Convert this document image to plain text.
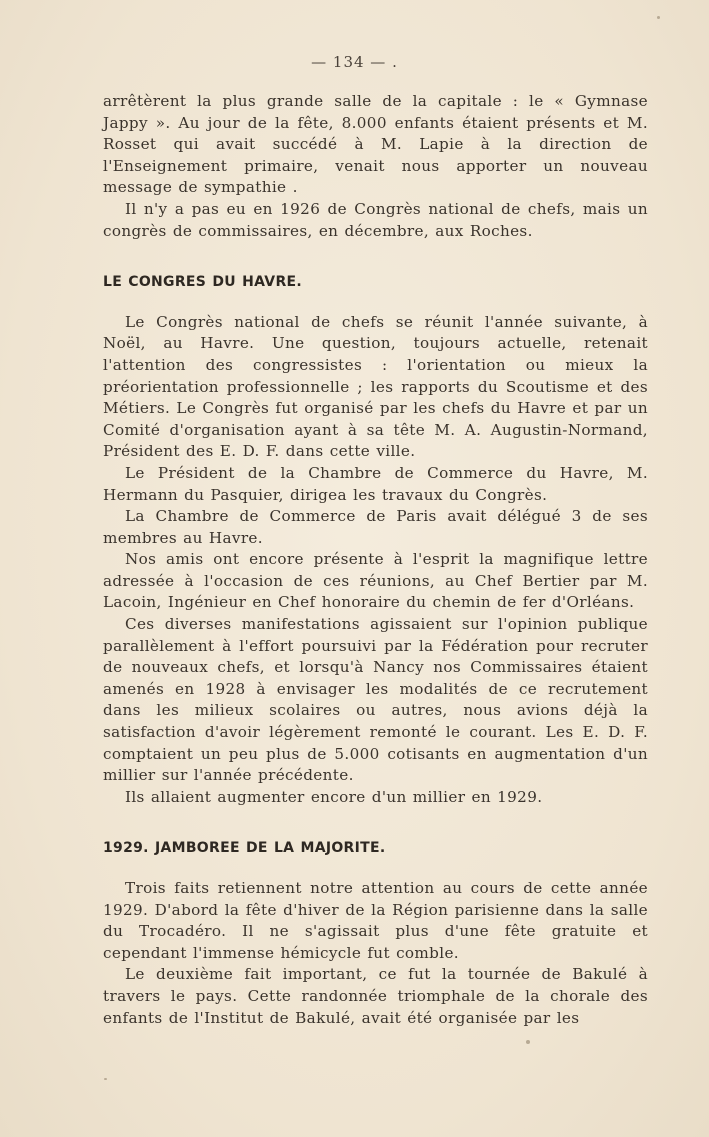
— 134 — .

arrêtèrent la plus grande salle de la capitale : le « Gymnase Jappy ». Au jour de la fête, 8.000 enfants étaient présents et M. Rosset qui avait succédé à M. Lapie à la direction de l'Enseignement primaire, venait nous apporter un nouveau message de sympathie .

Il n'y a pas eu en 1926 de Congrès national de chefs, mais un congrès de commissaires, en décembre, aux Roches.

LE CONGRES DU HAVRE.

Le Congrès national de chefs se réunit l'année suivante, à Noël, au Havre. Une question, toujours actuelle, retenait l'attention des congressistes : l'orientation ou mieux la préorientation professionnelle ; les rapports du Scoutisme et des Métiers. Le Congrès fut organisé par les chefs du Havre et par un Comité d'organisation ayant à sa tête M. A. Augustin-Normand, Président des E. D. F. dans cette ville.

Le Président de la Chambre de Commerce du Havre, M. Hermann du Pasquier, dirigea les travaux du Congrès.

La Chambre de Commerce de Paris avait délégué 3 de ses membres au Havre.

Nos amis ont encore présente à l'esprit la magnifique lettre adressée à l'occasion de ces réunions, au Chef Bertier par M. Lacoin, Ingénieur en Chef honoraire du chemin de fer d'Orléans.

Ces diverses manifestations agissaient sur l'opinion publique parallèlement à l'effort poursuivi par la Fédération pour recruter de nouveaux chefs, et lorsqu'à Nancy nos Commissaires étaient amenés en 1928 à envisager les modalités de ce recrutement dans les milieux scolaires ou autres, nous avions déjà la satisfaction d'avoir légèrement remonté le courant. Les E. D. F. comptaient un peu plus de 5.000 cotisants en augmentation d'un millier sur l'année précédente.

Ils allaient augmenter encore d'un millier en 1929.

1929. JAMBOREE DE LA MAJORITE.

Trois faits retiennent notre attention au cours de cette année 1929. D'abord la fête d'hiver de la Région parisienne dans la salle du Trocadéro. Il ne s'agissait plus d'une fête gratuite et cependant l'immense hémicycle fut comble.

Le deuxième fait important, ce fut la tournée de Bakulé à travers le pays. Cette randonnée triomphale de la chorale des enfants de l'Institut de Bakulé, avait été organisée par les
